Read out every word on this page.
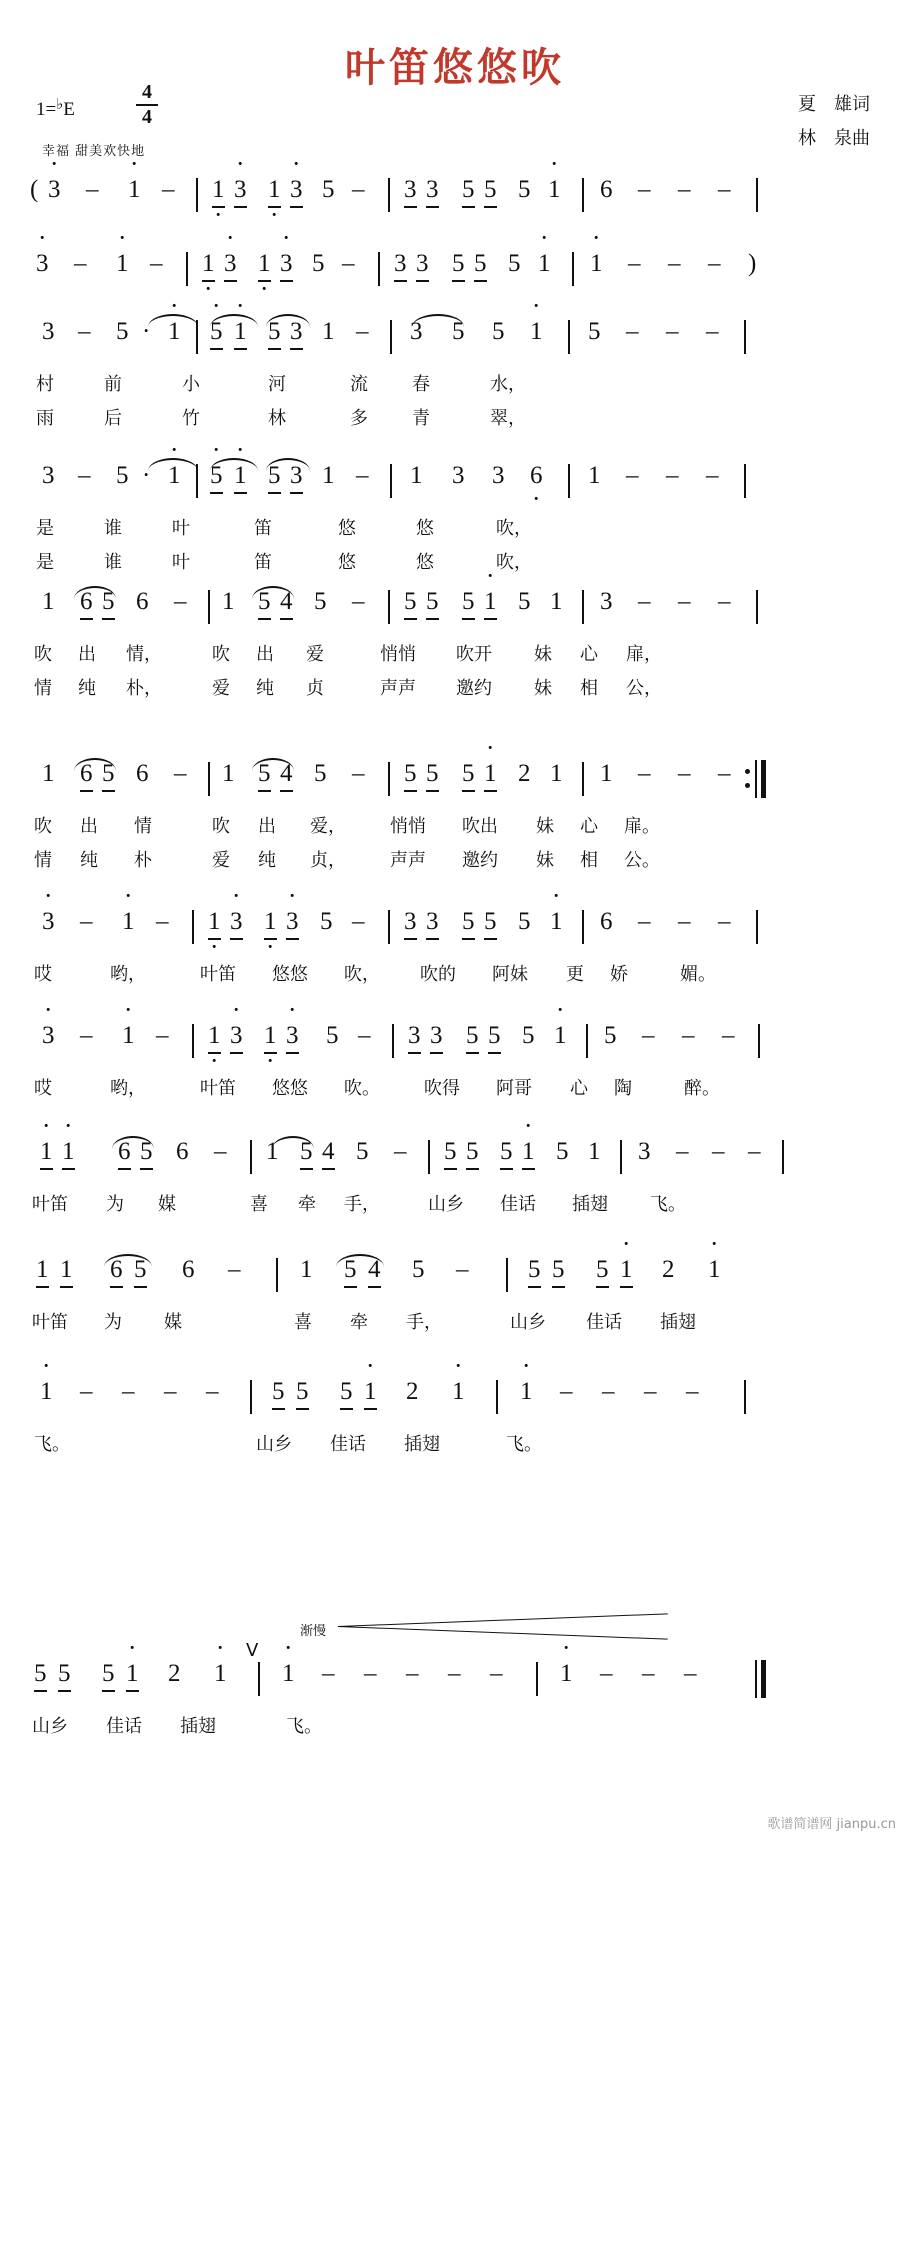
叶笛悠悠吹
1=♭E
4
4
幸福 甜美欢快地
夏　雄词
林　泉曲

(

· 3

–

· 1

–

1 ·

· 3

1 ·

· 3

5

–

3

3

5

5

5

· 1

6

–

–

–

· 3

–

· 1

–

1 ·

· 3

1 ·

· 3

5

–

3

3

5

5

5

· 1

· 1

–

–

–

)

3

–

5

·

· 1

· 5

· 1

5

3

1

–

3

5

5

· 1

5

–

–

–

村

	前

	小

	河

	流

春

	水，

雨

	后

	竹

	林

	多

青

	翠，

3

–

5

·

· 1

· 5

· 1

5

3

1

–

1

3

3

6 ·

1

–

–

–

是

	谁

	叶

	笛

	悠

	悠

	吹，

是

	谁

	叶

	笛

	悠

	悠

	吹，

1

6

5

6

–

1

5

4

5

–

5

5

5

· 1

5

1

3

–

–

–

吹

出

情，

	吹

出

爱

	悄悄

吹开

妹

心

扉，

情

纯

朴，

	爱

纯

贞

	声声

邀约

妹

相

公，

1

6

5

6

–

1

5

4

5

–

5

5

5

· 1

2

1

1

–

–

–

吹

出

情

	吹

出

爱，

悄悄

吹出

妹

心

扉。

情

纯

朴

	爱

纯

贞，

声声

邀约

妹

相

公。

· 3

–

· 1

–

1 ·

· 3

1 ·

· 3

5

–

3

3

5

5

5

· 1

6

–

–

–

哎

	哟，

	叶笛

悠悠

吹，

吹的

阿妹

更

娇

	媚。

· 3

–

· 1

–

1 ·

· 3

1 ·

· 3

5

–

3

3

5

5

5

· 1

5

–

–

–

哎

	哟，

	叶笛

悠悠

吹。

吹得

阿哥

心

陶

	醉。

· 1

· 1

6

5

6

–

1

5

4

5

–

5

5

5

· 1

5

1

3

–

–

–

叶笛

为

媒

	喜

牵

手，

	山乡

佳话

插翅

飞。

1

1

6

5

6

–

1

5

4

5

–

5

5

5

· 1

2

· 1

叶笛

为

媒

	喜

牵

手，

	山乡

佳话

插翅

· 1

–

–

–

–

5

5

5

· 1

2

· 1

· 1

–

–

–

–

飞。

	山乡

佳话

插翅

	飞。

5

5

5

· 1

2

· 1

· 1

–

–

–

–

–

· 1

–

–

–

山乡

佳话

插翅

	飞。

渐慢
V
歌谱简谱网 jianpu.cn
